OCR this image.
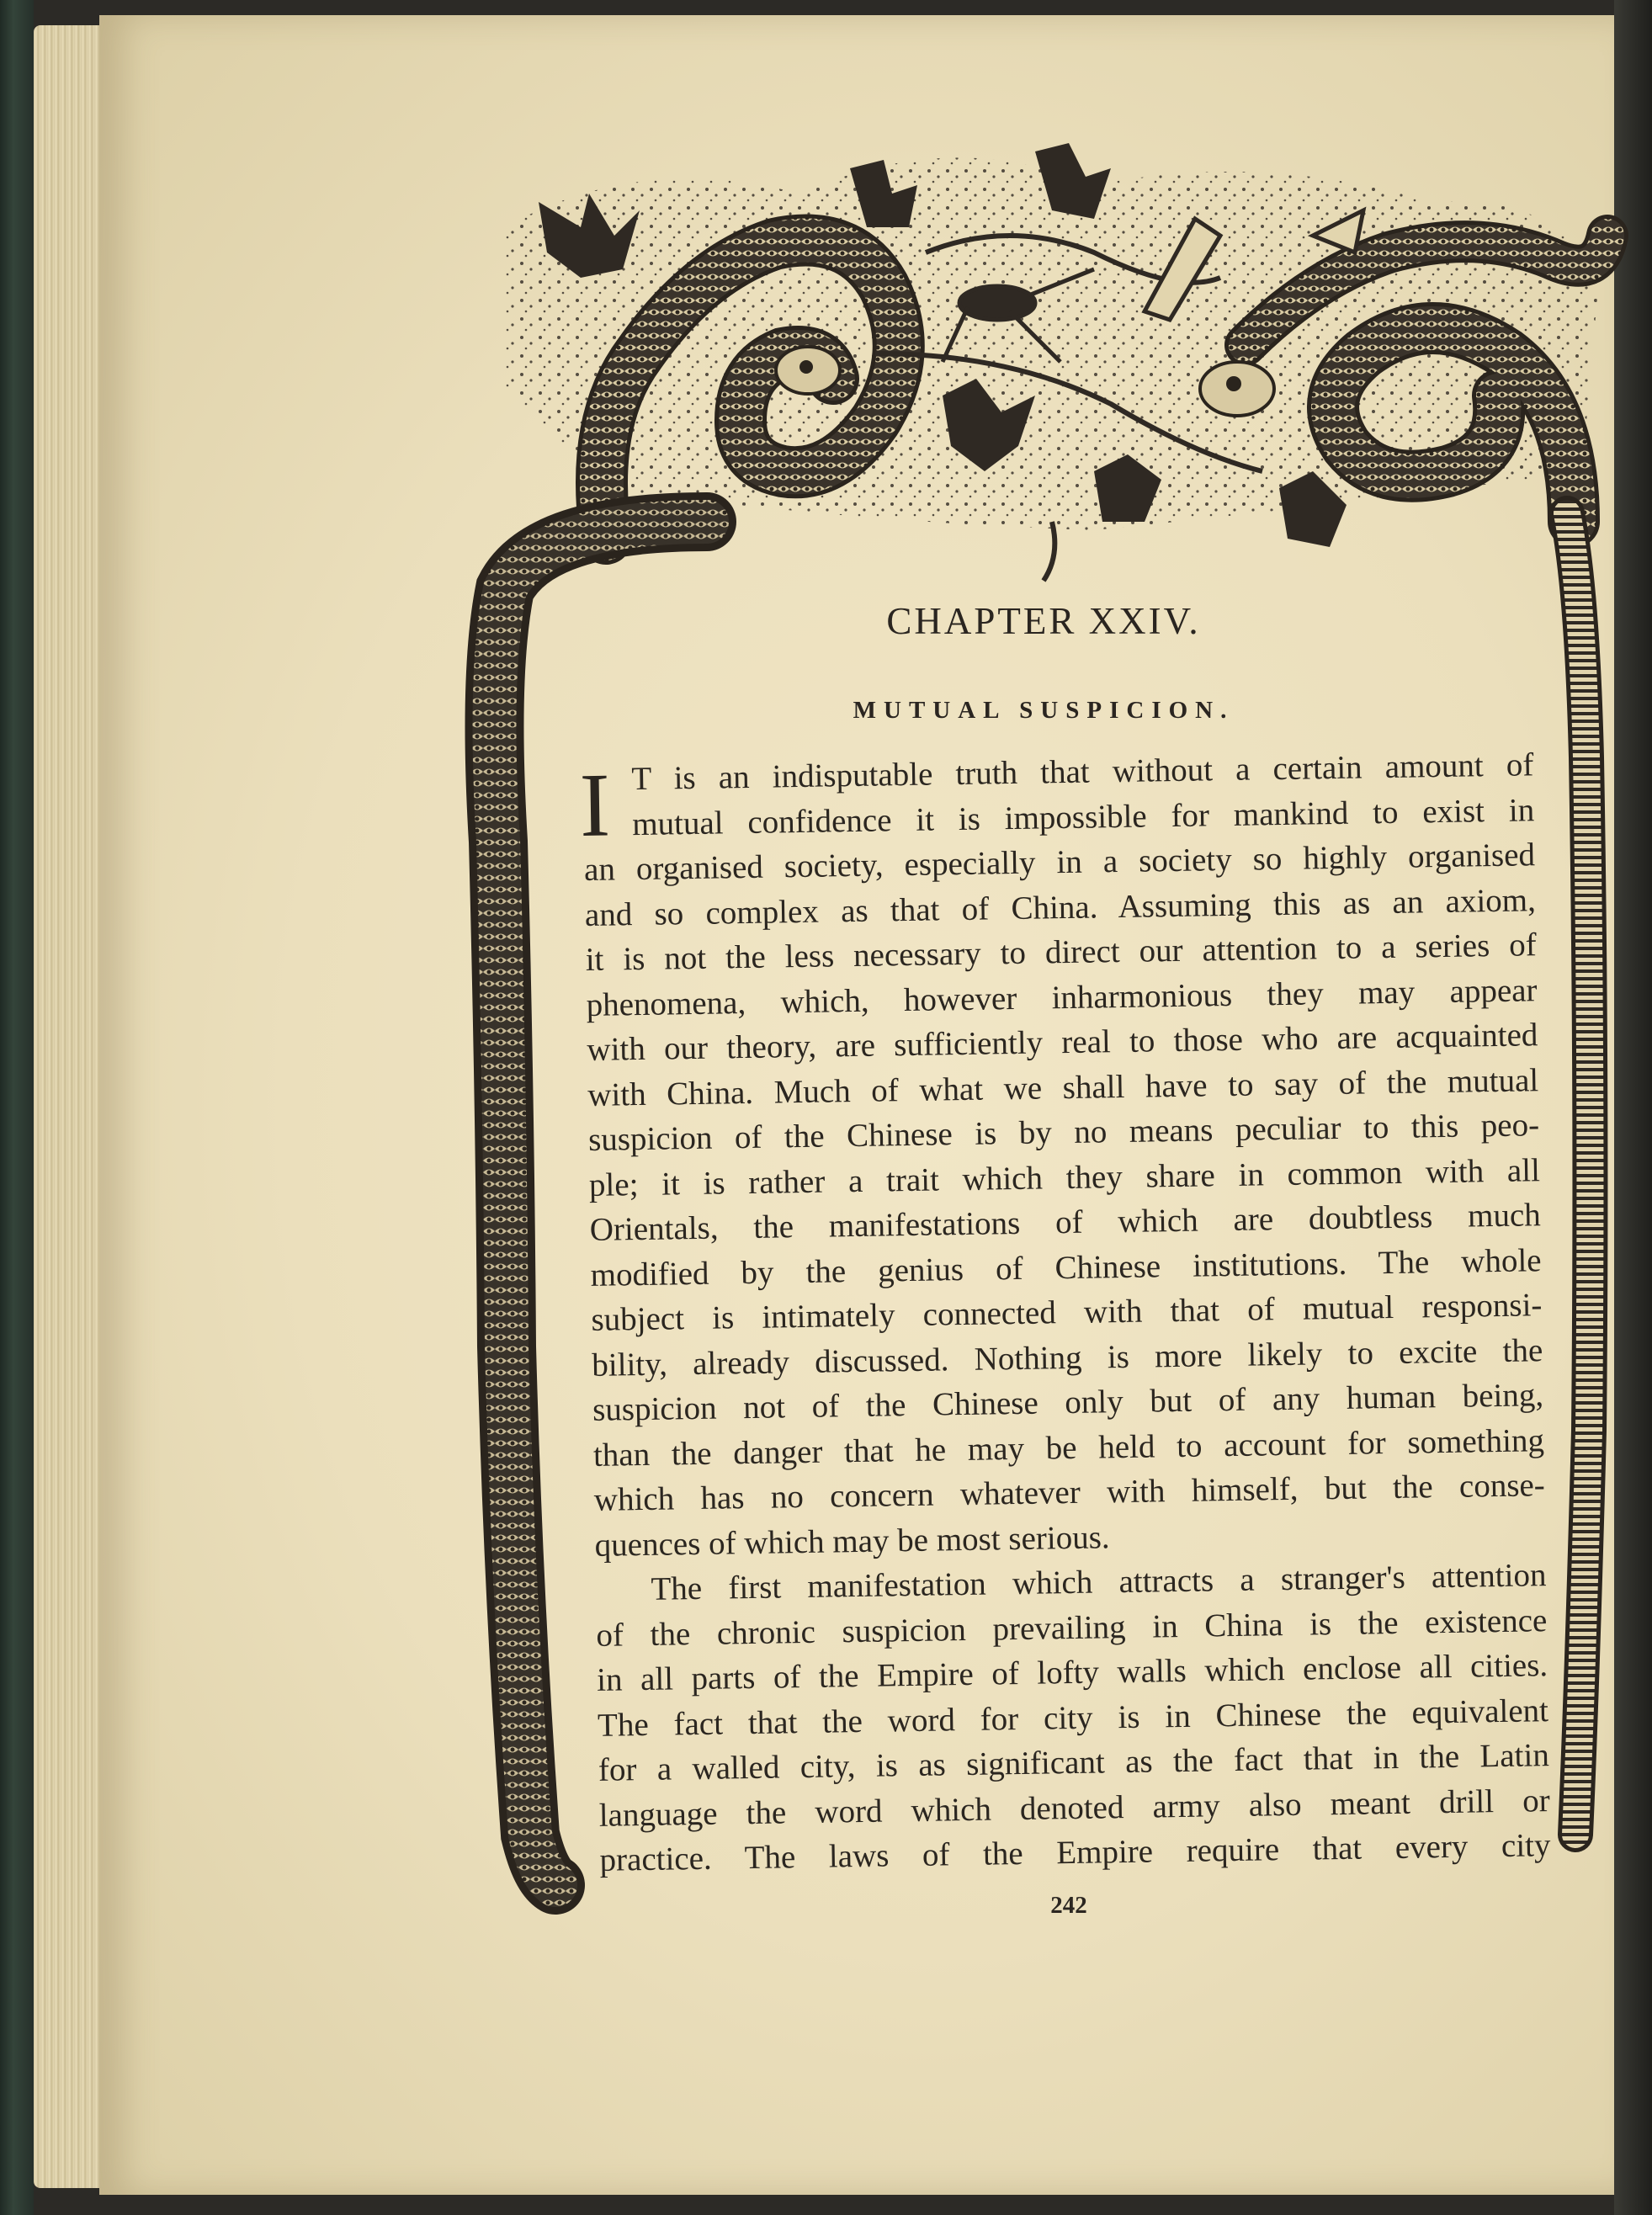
CHAPTER XXIV.
MUTUAL SUSPICION.
I T is an indisputable truth that without a certain amount of
mutual confidence it is impossible for mankind to exist in
an organised society, especially in a society so highly organised
and so complex as that of China. Assuming this as an axiom,
it is not the less necessary to direct our attention to a series of
phenomena, which, however inharmonious they may appear
with our theory, are sufficiently real to those who are acquainted
with China. Much of what we shall have to say of the mutual
suspicion of the Chinese is by no means peculiar to this peo-
ple; it is rather a trait which they share in common with all
Orientals, the manifestations of which are doubtless much
modified by the genius of Chinese institutions. The whole
subject is intimately connected with that of mutual responsi-
bility, already discussed. Nothing is more likely to excite the
suspicion not of the Chinese only but of any human being,
than the danger that he may be held to account for something
which has no concern whatever with himself, but the conse-
quences of which may be most serious.
The first manifestation which attracts a stranger's attention
of the chronic suspicion prevailing in China is the existence
in all parts of the Empire of lofty walls which enclose all cities.
The fact that the word for city is in Chinese the equivalent
for a walled city, is as significant as the fact that in the Latin
language the word which denoted army also meant drill or
practice. The laws of the Empire require that every city
242
